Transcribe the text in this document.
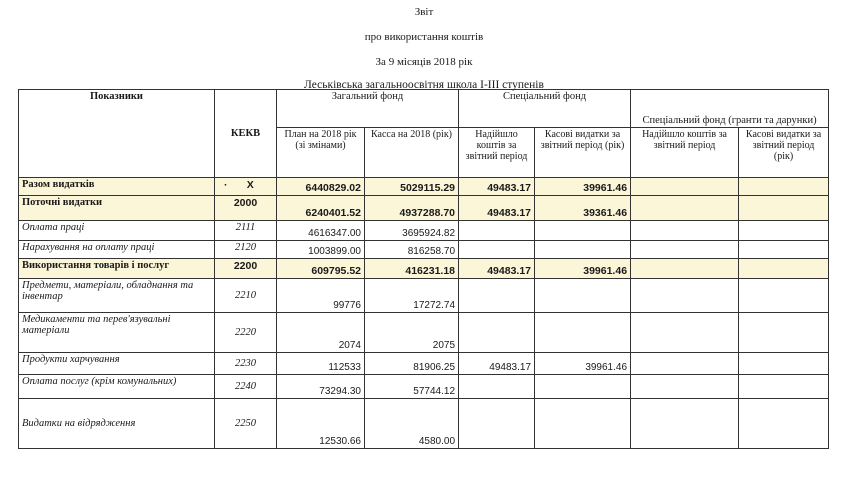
Звіт
про використання коштів
За 9 місяців 2018 рік
Леськівська загальноосвітня школа І-ІІІ ступенів
Показники	КЕКВ	Загальний фонд		Спеціальний фонд		Спеціальний фонд (гранти та дарунки)	
		План на 2018 рік (зі змінами)	Касса на 2018 (рік)	Надійшло коштів за звітний період	Касові видатки за звітний період (рік)	Надійшло коштів за звітний період	Касові видатки за звітний період (рік)
Разом видатків	· Х	6440829.02	5029115.29	49483.17	39961.46		
Поточні видатки	2000	6240401.52	4937288.70	49483.17	39361.46		
Оплата праці	2111	4616347.00	3695924.82				
Нарахування на оплату праці	2120	1003899.00	816258.70				
Використання товарів і послуг	2200	609795.52	416231.18	49483.17	39961.46		
Предмети, матеріали, обладнання та інвентар	2210	99776	17272.74				
Медикаменти та перев'язувальні матеріали	2220	2074	2075				
Продукти харчування	2230	112533	81906.25	49483.17	39961.46		
Оплата послуг (крім комунальних)	2240	73294.30	57744.12				
Видатки на відрядження	2250	12530.66	4580.00				
